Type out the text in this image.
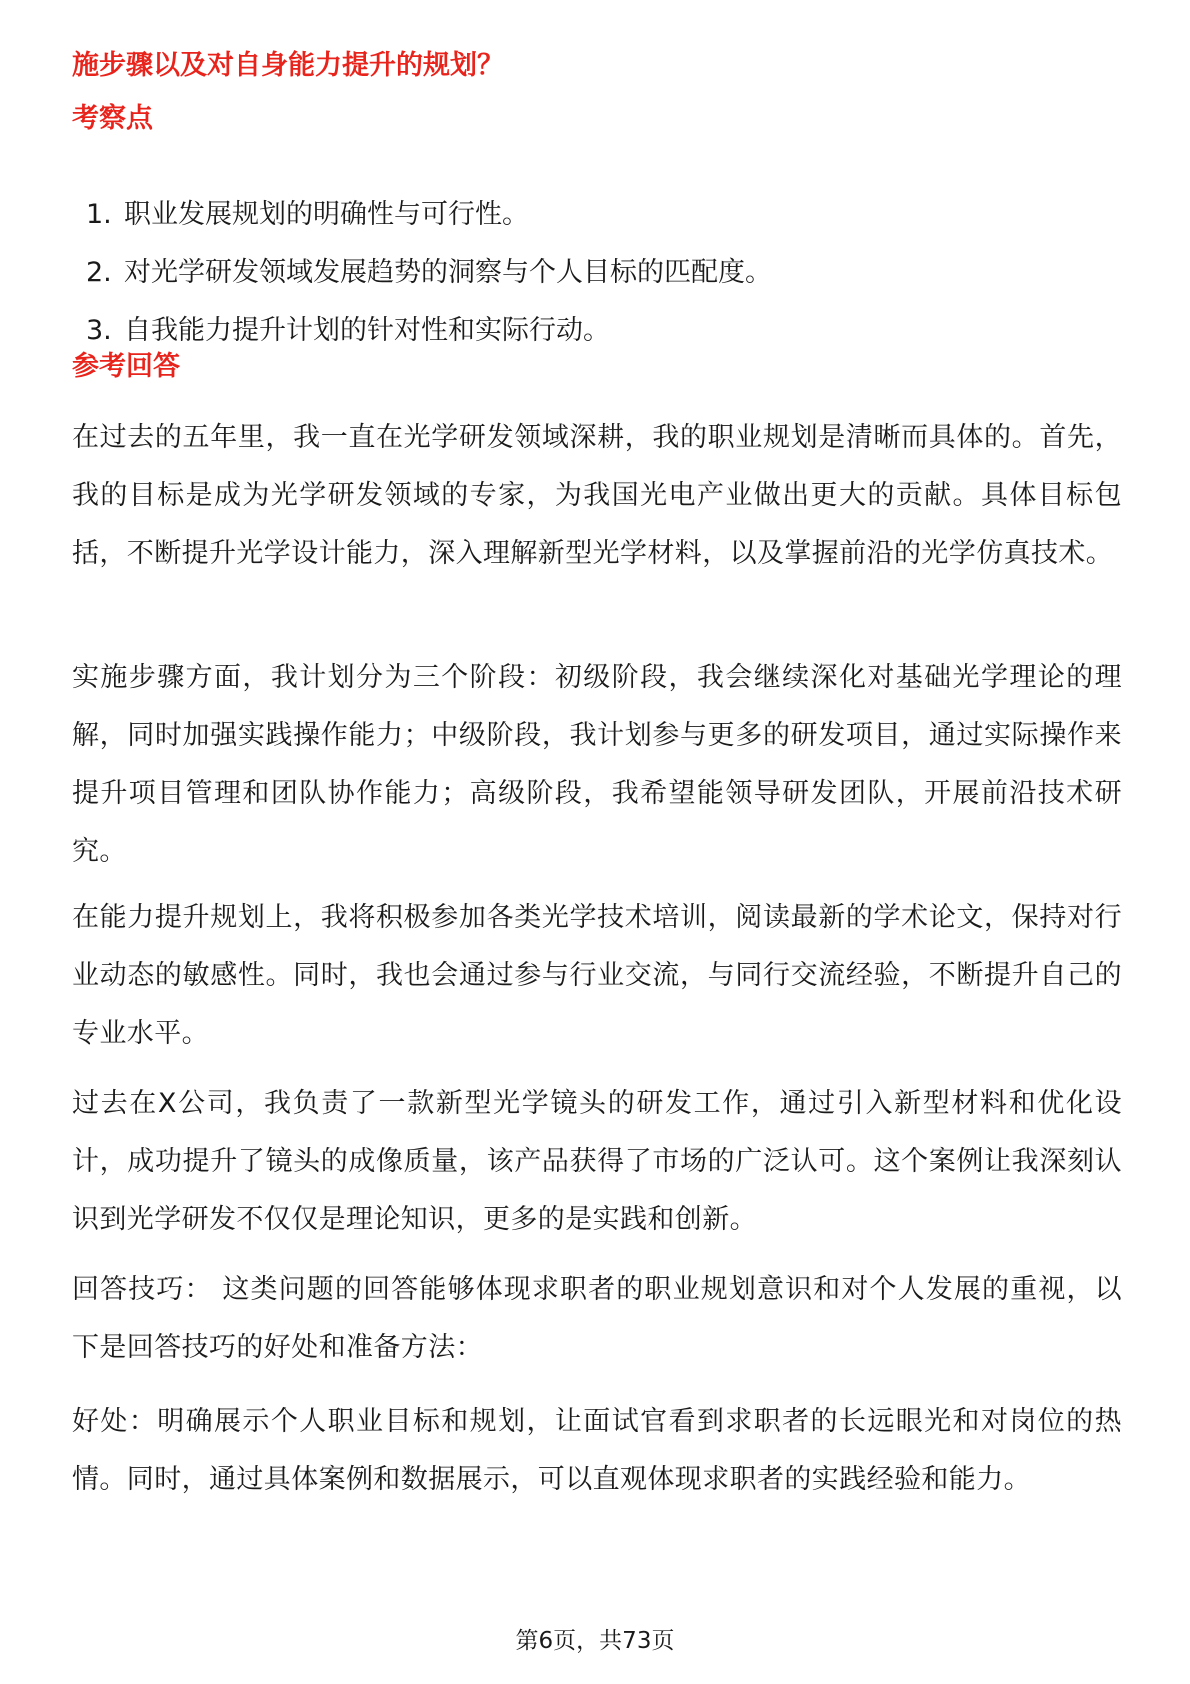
施步骤以及对自身能力提升的规划？
考察点
1. 职业发展规划的明确性与可行性。
2. 对光学研发领域发展趋势的洞察与个人目标的匹配度。
3. 自我能力提升计划的针对性和实际行动。
参考回答

在过去的五年里，我一直在光学研发领域深耕，我的职业规划是清晰而具体的。首先，我的目标是成为光学研发领域的专家，为我国光电产业做出更大的贡献。具体目标包括，不断提升光学设计能力，深入理解新型光学材料，以及掌握前沿的光学仿真技术。

实施步骤方面，我计划分为三个阶段：初级阶段，我会继续深化对基础光学理论的理解，同时加强实践操作能力；中级阶段，我计划参与更多的研发项目，通过实际操作来提升项目管理和团队协作能力；高级阶段，我希望能领导研发团队，开展前沿技术研究。

在能力提升规划上，我将积极参加各类光学技术培训，阅读最新的学术论文，保持对行业动态的敏感性。同时，我也会通过参与行业交流，与同行交流经验，不断提升自己的专业水平。

过去在X公司，我负责了一款新型光学镜头的研发工作，通过引入新型材料和优化设计，成功提升了镜头的成像质量，该产品获得了市场的广泛认可。这个案例让我深刻认识到光学研发不仅仅是理论知识，更多的是实践和创新。

回答技巧： 这类问题的回答能够体现求职者的职业规划意识和对个人发展的重视，以下是回答技巧的好处和准备方法：

好处：明确展示个人职业目标和规划，让面试官看到求职者的长远眼光和对岗位的热情。同时，通过具体案例和数据展示，可以直观体现求职者的实践经验和能力。

第6页，共73页
